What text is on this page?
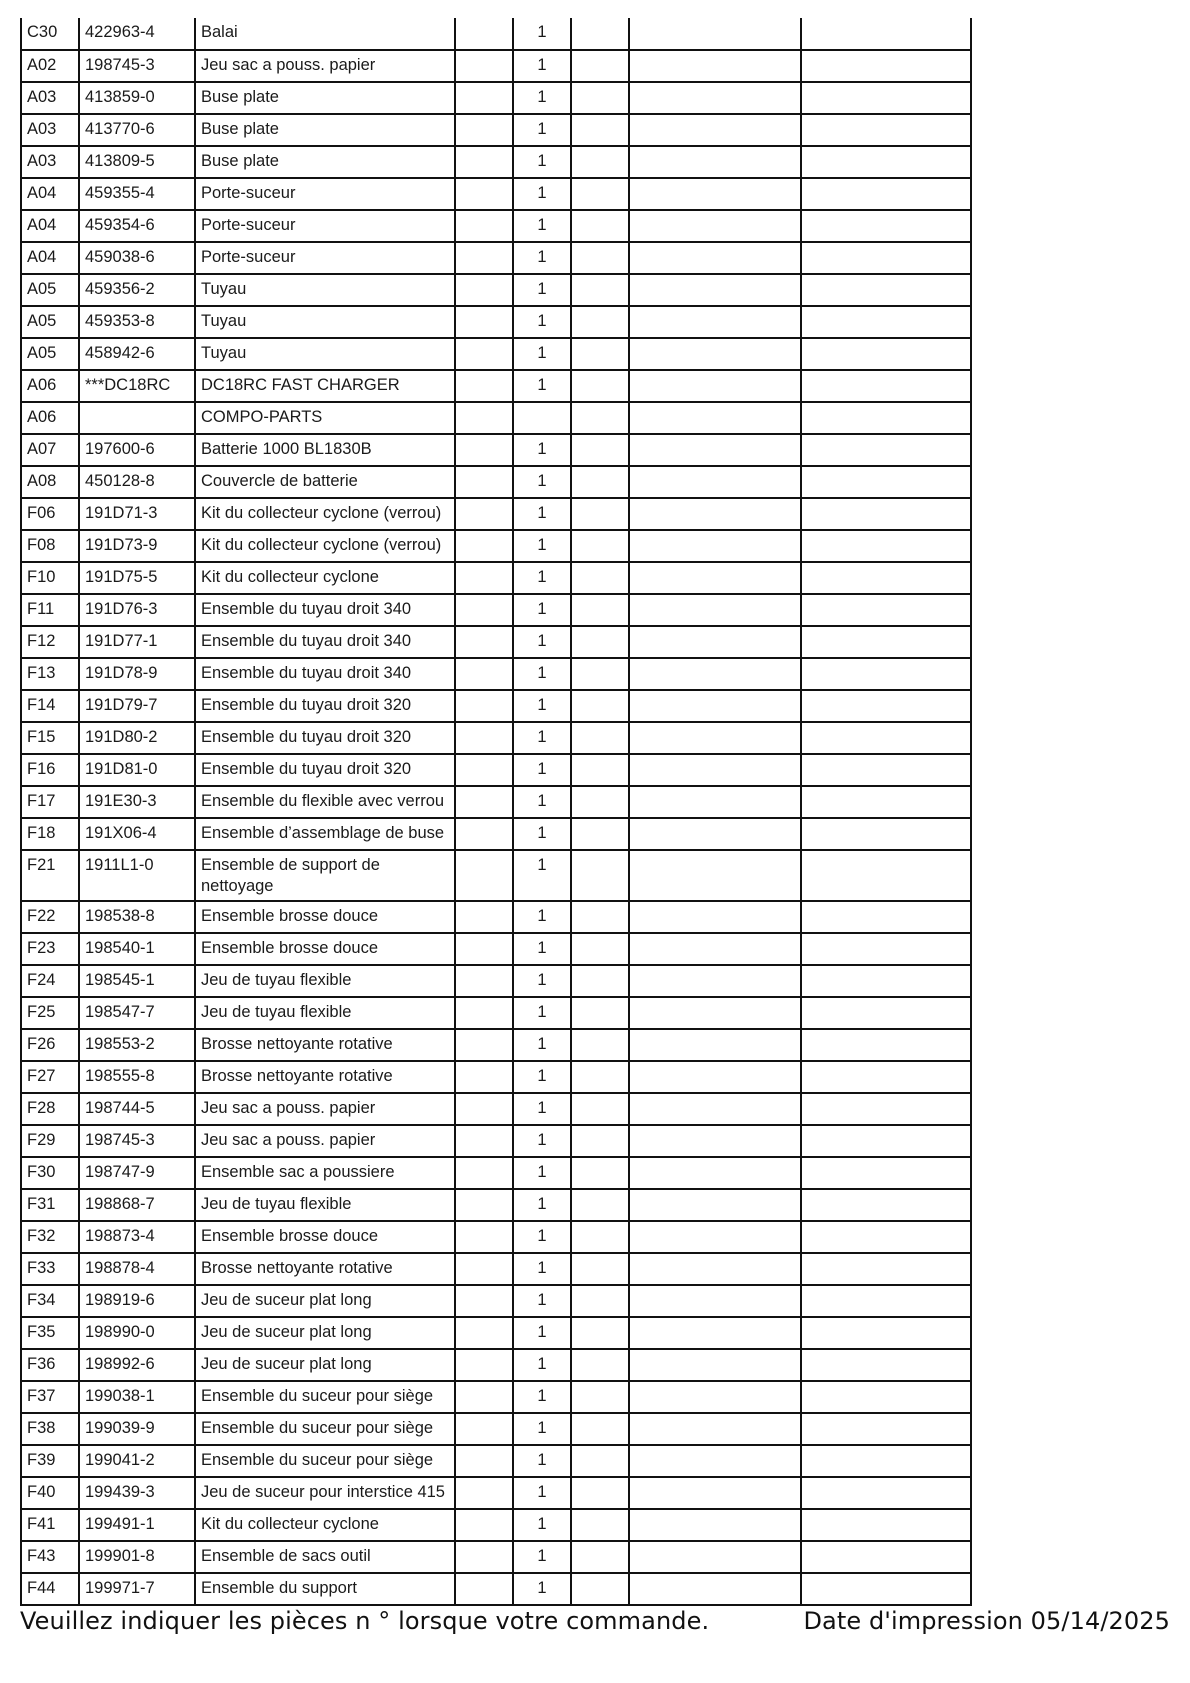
C30	422963-4	Balai		1			
A02	198745-3	Jeu sac a pouss. papier		1			
A03	413859-0	Buse plate		1			
A03	413770-6	Buse plate		1			
A03	413809-5	Buse plate		1			
A04	459355-4	Porte-suceur		1			
A04	459354-6	Porte-suceur		1			
A04	459038-6	Porte-suceur		1			
A05	459356-2	Tuyau		1			
A05	459353-8	Tuyau		1			
A05	458942-6	Tuyau		1			
A06	***DC18RC	DC18RC FAST CHARGER		1			
A06		COMPO-PARTS					
A07	197600-6	Batterie 1000 BL1830B		1			
A08	450128-8	Couvercle de batterie		1			
F06	191D71-3	Kit du collecteur cyclone (verrou)		1			
F08	191D73-9	Kit du collecteur cyclone (verrou)		1			
F10	191D75-5	Kit du collecteur cyclone		1			
F11	191D76-3	Ensemble du tuyau droit 340		1			
F12	191D77-1	Ensemble du tuyau droit 340		1			
F13	191D78-9	Ensemble du tuyau droit 340		1			
F14	191D79-7	Ensemble du tuyau droit 320		1			
F15	191D80-2	Ensemble du tuyau droit 320		1			
F16	191D81-0	Ensemble du tuyau droit 320		1			
F17	191E30-3	Ensemble du flexible avec verrou		1			
F18	191X06-4	Ensemble d’assemblage de buse		1			
F21	1911L1-0	Ensemble de support de nettoyage		1			
F22	198538-8	Ensemble brosse douce		1			
F23	198540-1	Ensemble brosse douce		1			
F24	198545-1	Jeu de tuyau flexible		1			
F25	198547-7	Jeu de tuyau flexible		1			
F26	198553-2	Brosse nettoyante rotative		1			
F27	198555-8	Brosse nettoyante rotative		1			
F28	198744-5	Jeu sac a pouss. papier		1			
F29	198745-3	Jeu sac a pouss. papier		1			
F30	198747-9	Ensemble sac a poussiere		1			
F31	198868-7	Jeu de tuyau flexible		1			
F32	198873-4	Ensemble brosse douce		1			
F33	198878-4	Brosse nettoyante rotative		1			
F34	198919-6	Jeu de suceur plat long		1			
F35	198990-0	Jeu de suceur plat long		1			
F36	198992-6	Jeu de suceur plat long		1			
F37	199038-1	Ensemble du suceur pour siège		1			
F38	199039-9	Ensemble du suceur pour siège		1			
F39	199041-2	Ensemble du suceur pour siège		1			
F40	199439-3	Jeu de suceur pour interstice 415		1			
F41	199491-1	Kit du collecteur cyclone		1			
F43	199901-8	Ensemble de sacs outil		1			
F44	199971-7	Ensemble du support		1			
Veuillez indiquer les pièces n ° lorsque votre commande.	Date d'impression 05/14/2025
